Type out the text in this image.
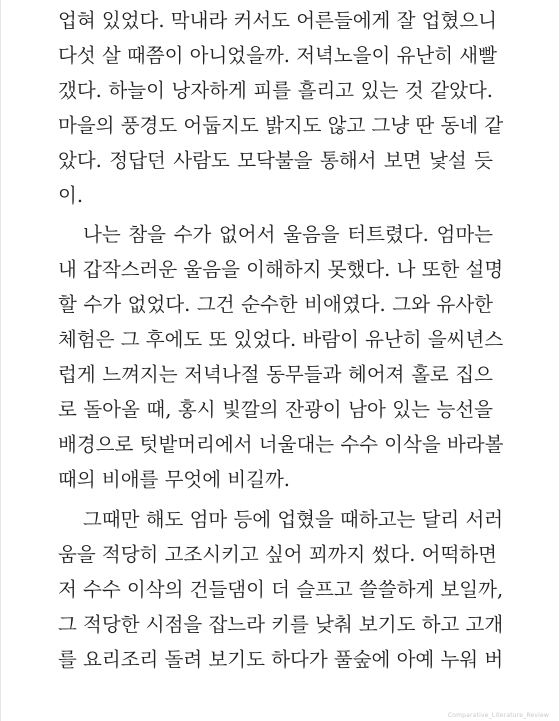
업혀 있었다. 막내라 커서도 어른들에게 잘 업혔으니
다섯 살 때쯤이 아니었을까. 저녁노을이 유난히 새빨
갰다. 하늘이 낭자하게 피를 흘리고 있는 것 같았다.
마을의 풍경도 어둡지도 밝지도 않고 그냥 딴 동네 같
았다. 정답던 사람도 모닥불을 통해서 보면 낯설 듯
이.
나는 참을 수가 없어서 울음을 터트렸다. 엄마는
내 갑작스러운 울음을 이해하지 못했다. 나 또한 설명
할 수가 없었다. 그건 순수한 비애였다. 그와 유사한
체험은 그 후에도 또 있었다. 바람이 유난히 을씨년스
럽게 느껴지는 저녁나절 동무들과 헤어져 홀로 집으
로 돌아올 때, 홍시 빛깔의 잔광이 남아 있는 능선을
배경으로 텃밭머리에서 너울대는 수수 이삭을 바라볼
때의 비애를 무엇에 비길까.
그때만 해도 엄마 등에 업혔을 때하고는 달리 서러
움을 적당히 고조시키고 싶어 꾀까지 썼다. 어떡하면
저 수수 이삭의 건들댐이 더 슬프고 쓸쓸하게 보일까,
그 적당한 시점을 잡느라 키를 낮춰 보기도 하고 고개
를 요리조리 돌려 보기도 하다가 풀숲에 아예 누워 버
Comparative_Literature_Review
